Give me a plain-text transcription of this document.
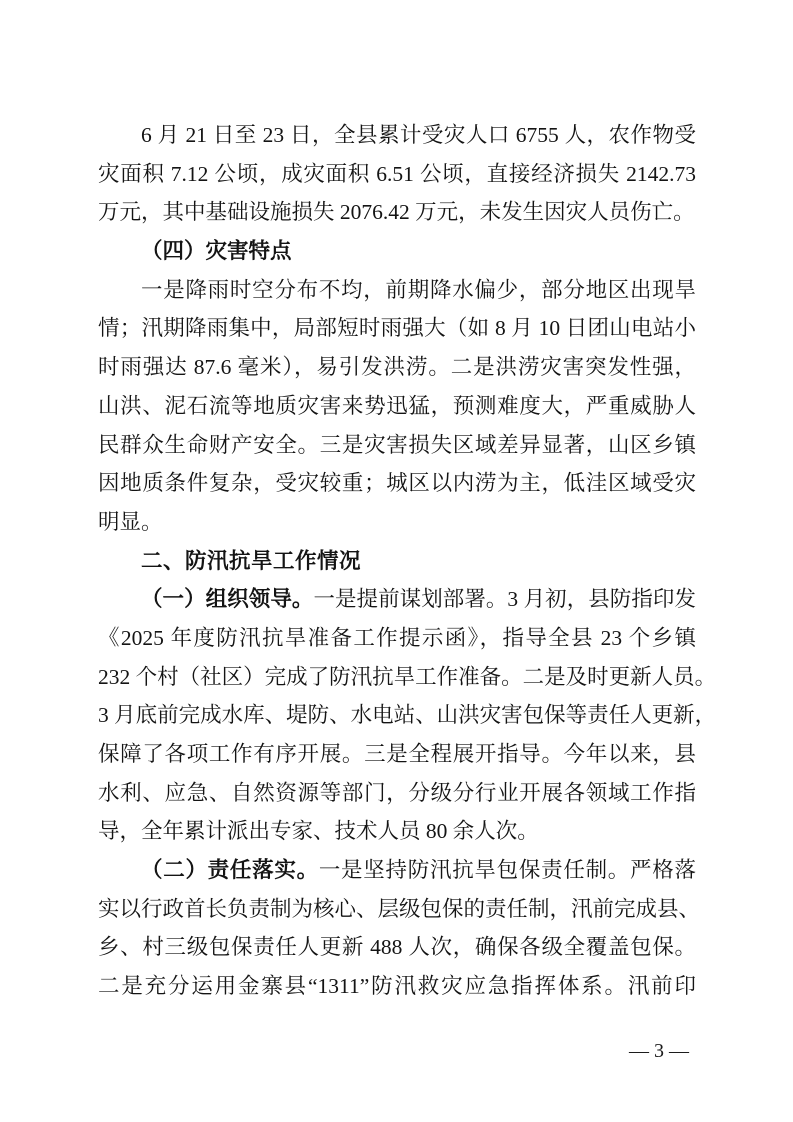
6 月 21 日至 23 日，全县累计受灾人口 6755 人，农作物受
灾面积 7.12 公顷，成灾面积 6.51 公顷，直接经济损失 2142.73
万元，其中基础设施损失 2076.42 万元，未发生因灾人员伤亡。
（四）灾害特点
一是降雨时空分布不均，前期降水偏少，部分地区出现旱
情；汛期降雨集中，局部短时雨强大（如 8 月 10 日团山电站小
时雨强达 87.6 毫米），易引发洪涝。二是洪涝灾害突发性强，
山洪、泥石流等地质灾害来势迅猛，预测难度大，严重威胁人
民群众生命财产安全。三是灾害损失区域差异显著，山区乡镇
因地质条件复杂，受灾较重；城区以内涝为主，低洼区域受灾
明显。
二、防汛抗旱工作情况
（一）组织领导。一是提前谋划部署。3 月初，县防指印发
《2025 年度防汛抗旱准备工作提示函》，指导全县 23 个乡镇
232 个村（社区）完成了防汛抗旱工作准备。二是及时更新人员。
3 月底前完成水库、堤防、水电站、山洪灾害包保等责任人更新，
保障了各项工作有序开展。三是全程展开指导。今年以来，县
水利、应急、自然资源等部门，分级分行业开展各领域工作指
导，全年累计派出专家、技术人员 80 余人次。
（二）责任落实。一是坚持防汛抗旱包保责任制。严格落
实以行政首长负责制为核心、层级包保的责任制，汛前完成县、
乡、村三级包保责任人更新 488 人次，确保各级全覆盖包保。
二是充分运用金寨县“1311”防汛救灾应急指挥体系。汛前印
— 3 —
